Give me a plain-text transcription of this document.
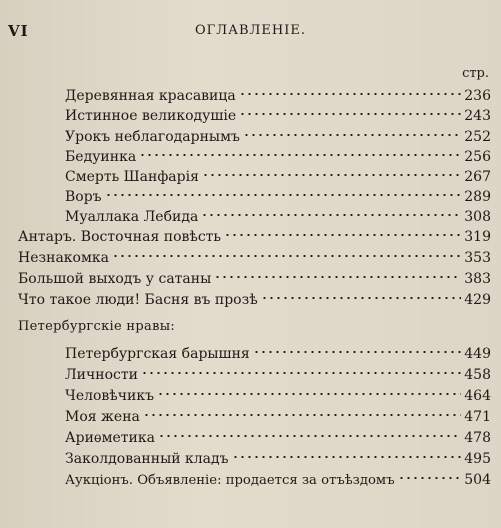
VI	ОГЛАВЛЕНІЕ.
стр.
Деревянная красавица	236
Истинное великодушіе	243
Урокъ неблагодарнымъ	252
Бедуинка	256
Смерть Шанфарія	267
Воръ	289
Муаллака Лебида	308
Антаръ. Восточная повѣсть	319
Незнакомка	353
Большой выходъ у сатаны	383
Что такое люди! Басня въ прозѣ	429
Петербургскіе нравы:
Петербургская барышня	449
Личности	458
Человѣчикъ	464
Моя жена	471
Ариѳметика	478
Заколдованный кладъ	495
Аукціонъ. Объявленіе: продается за отъѣздомъ	504
